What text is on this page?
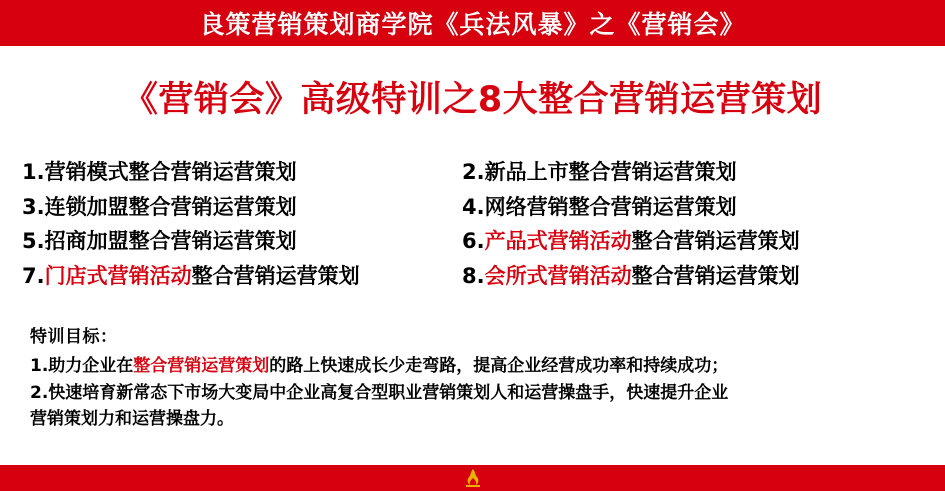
良策营销策划商学院《兵法风暴》之《营销会》
《营销会》高级特训之8大整合营销运营策划
1.营销模式整合营销运营策划	2.新品上市整合营销运营策划
3.连锁加盟整合营销运营策划	4.网络营销整合营销运营策划
5.招商加盟整合营销运营策划	6.产品式营销活动整合营销运营策划
7.门店式营销活动整合营销运营策划	8.会所式营销活动整合营销运营策划
特训目标：
1.助力企业在整合营销运营策划的路上快速成长少走弯路，提高企业经营成功率和持续成功；
2.快速培育新常态下市场大变局中企业高复合型职业营销策划人和运营操盘手，快速提升企业
营销策划力和运营操盘力。
